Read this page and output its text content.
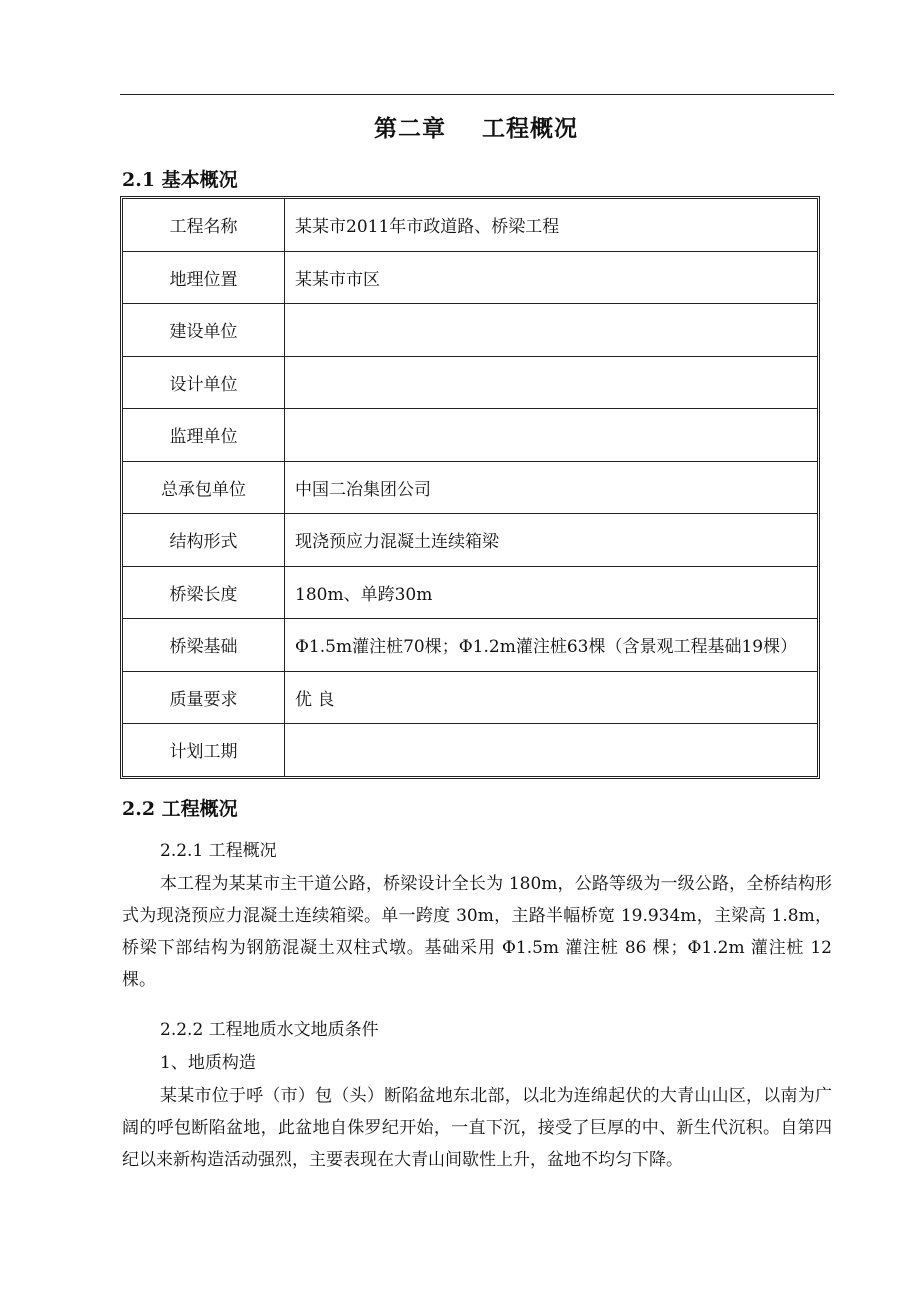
第二章    工程概况
2.1 基本概况
工程名称	某某市2011年市政道路、桥梁工程
地理位置	某某市市区
建设单位	
设计单位	
监理单位	
总承包单位	中国二冶集团公司
结构形式	现浇预应力混凝土连续箱梁
桥梁长度	180m、单跨30m
桥梁基础	Φ1.5m灌注桩70棵；Φ1.2m灌注桩63棵（含景观工程基础19棵）
质量要求	优 良
计划工期	
2.2 工程概况
2.2.1 工程概况
本工程为某某市主干道公路，桥梁设计全长为 180m，公路等级为一级公路，全桥结构形式为现浇预应力混凝土连续箱梁。单一跨度 30m，主路半幅桥宽 19.934m，主梁高 1.8m，桥梁下部结构为钢筋混凝土双柱式墩。基础采用 Φ1.5m 灌注桩 86 棵；Φ1.2m 灌注桩 12 棵。
2.2.2 工程地质水文地质条件
1、地质构造
某某市位于呼（市）包（头）断陷盆地东北部，以北为连绵起伏的大青山山区，以南为广阔的呼包断陷盆地，此盆地自侏罗纪开始，一直下沉，接受了巨厚的中、新生代沉积。自第四纪以来新构造活动强烈，主要表现在大青山间歇性上升，盆地不均匀下降。
